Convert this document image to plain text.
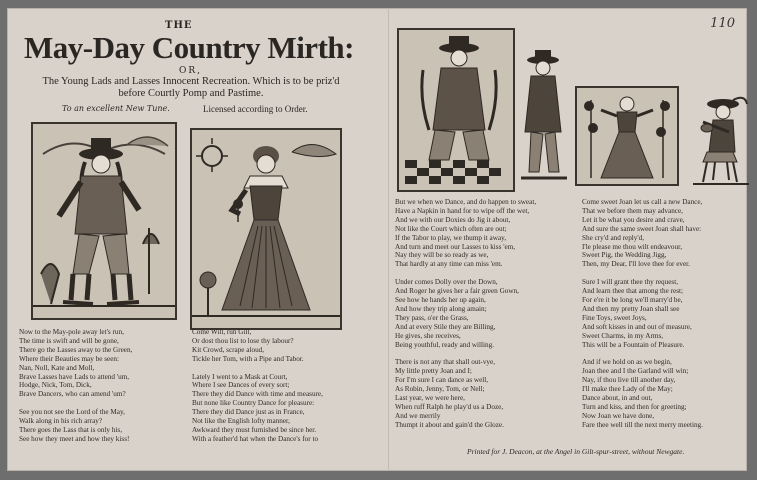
110
THE
May-Day Country Mirth:
OR,
The Young Lads and Lasses Innocent Recreation. Which is to be priz'd
before Courtly Pomp and Pastime.
To an excellent New Tune.	Licensed according to Order.
Now to the May-pole away let's run,
The time is swift and will be gone,
There go the Lasses away to the Green,
Where their Beauties may be seen:
Nan, Noll, Kate and Moll,
Brave Lasses have Lads to attend 'um,
Hodge, Nick, Tom, Dick,
Brave Dancers, who can amend 'um?

See you not see the Lord of the May,
Walk along in his rich array?
There goes the Lass that is only his,
See how they meet and how they kiss!
Come Will, run Gill,
Or dost thou list to lose thy labour?
Kit Crowd, scrape aloud,
Tickle her Tom, with a Pipe and Tabor.

Lately I went to a Mask at Court,
Where I see Dances of every sort;
There they did Dance with time and measure,
But none like Country Dance for pleasure:
There they did Dance just as in France,
Not like the English lofty manner,
Awkward they must furnished be since her.
With a feather'd hat when the Dance's for to
But we when we Dance, and do happen to sweat,
Have a Napkin in hand for to wipe off the wet,
And we with our Doxies do Jig it about,
Not like the Court which often are out;
If the Tabor to play, we thump it away,
And turn and meet our Lasses to kiss 'em,
Nay they will be so ready as we,
That hardly at any time can miss 'em.

Under comes Dolly over the Down,
And Roger he gives her a fair green Gown,
See how he hands her up again,
And how they trip along amain;
They pass, o'er the Grass,
And at every Stile they are Billing,
He gives, she receives,
Being youthful, ready and willing.

There is not any that shall out-vye,
My little pretty Joan and I;
For I'm sure I can dance as well,
As Robin, Jenny, Tom, or Nell;
Last year, we were here,
When ruff Ralph he play'd us a Doze,
And we merrily
Thumpt it about and gain'd the Gloze.
Come sweet Joan let us call a new Dance,
That we before them may advance,
Let it be what you desire and crave,
And sure the same sweet Joan shall have:
She cry'd and reply'd,
I'le please me thou wilt endeavour,
Sweet Pig, the Wedding Jigg,
Then, my Dear, I'll love thee for ever.

Sure I will grant thee thy request,
And learn thee that among the rest;
For e're it be long we'll marry'd be,
And then my pretty Joan shall see
Fine Toys, sweet Joys,
And soft kisses in and out of measure,
Sweet Charms, in my Arms,
This will be a Fountain of Pleasure.

And if we hold on as we begin,
Joan thee and I the Garland will win;
Nay, if thou live till another day,
I'll make thee Lady of the May;
Dance about, in and out,
Turn and kiss, and then for greeting;
Now Joan we have done,
Fare thee well till the next merry meeting.
Printed for J. Deacon, at the Angel in Gilt-spur-street, without Newgate.
